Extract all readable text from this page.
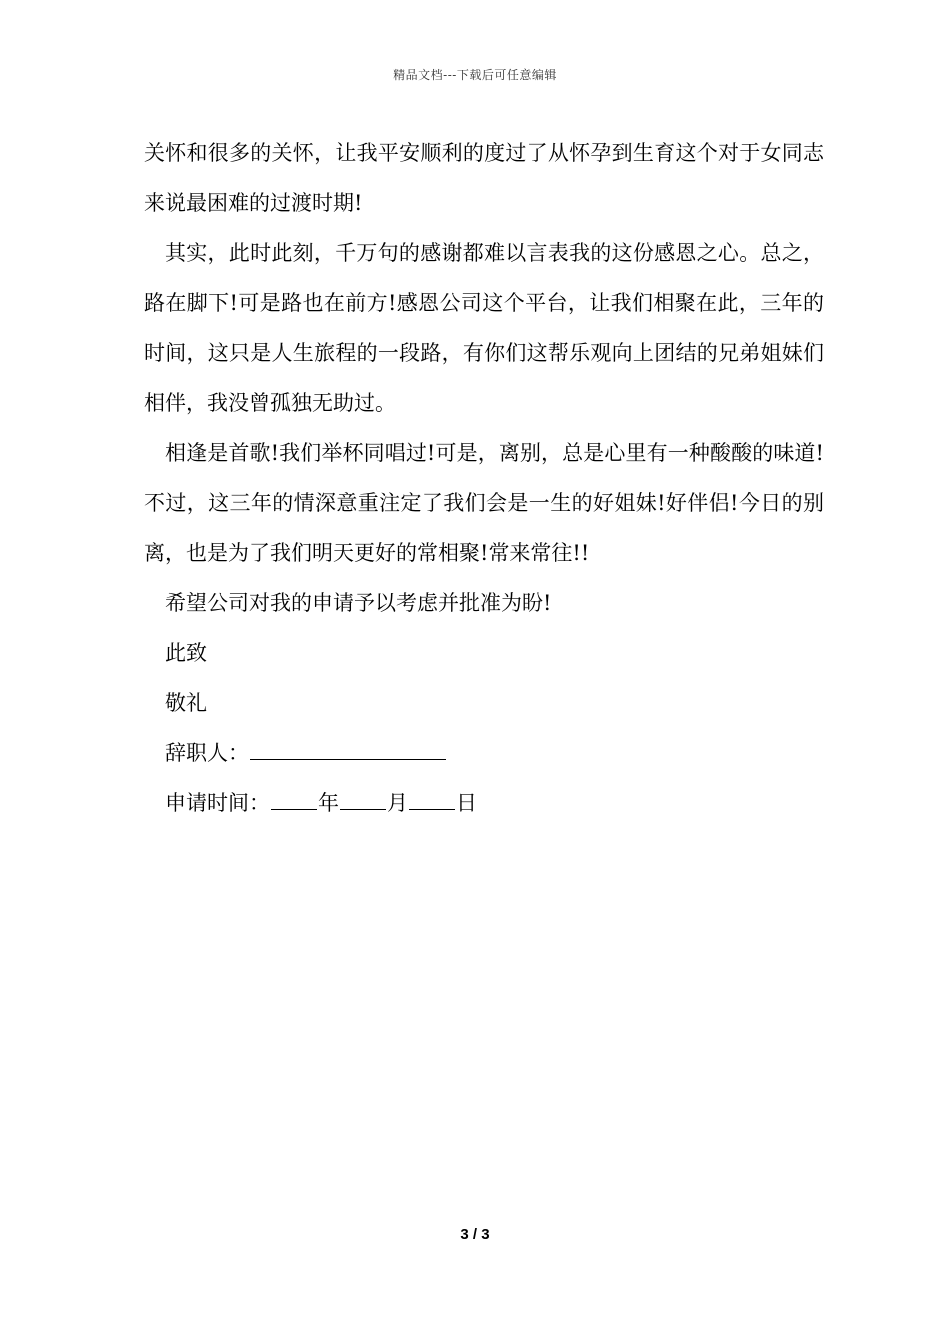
精品文档---下载后可任意编辑

关怀和很多的关怀，让我平安顺利的度过了从怀孕到生育这个对于女同志来说最困难的过渡时期!

其实，此时此刻，千万句的感谢都难以言表我的这份感恩之心。总之，路在脚下!可是路也在前方!感恩公司这个平台，让我们相聚在此，三年的时间，这只是人生旅程的一段路，有你们这帮乐观向上团结的兄弟姐妹们相伴，我没曾孤独无助过。

相逢是首歌!我们举杯同唱过!可是，离别，总是心里有一种酸酸的味道!不过，这三年的情深意重注定了我们会是一生的好姐妹!好伴侣!今日的别离，也是为了我们明天更好的常相聚!常来常往!!

希望公司对我的申请予以考虑并批准为盼!

此致

敬礼

辞职人：

申请时间： 年 月 日

3 / 3
